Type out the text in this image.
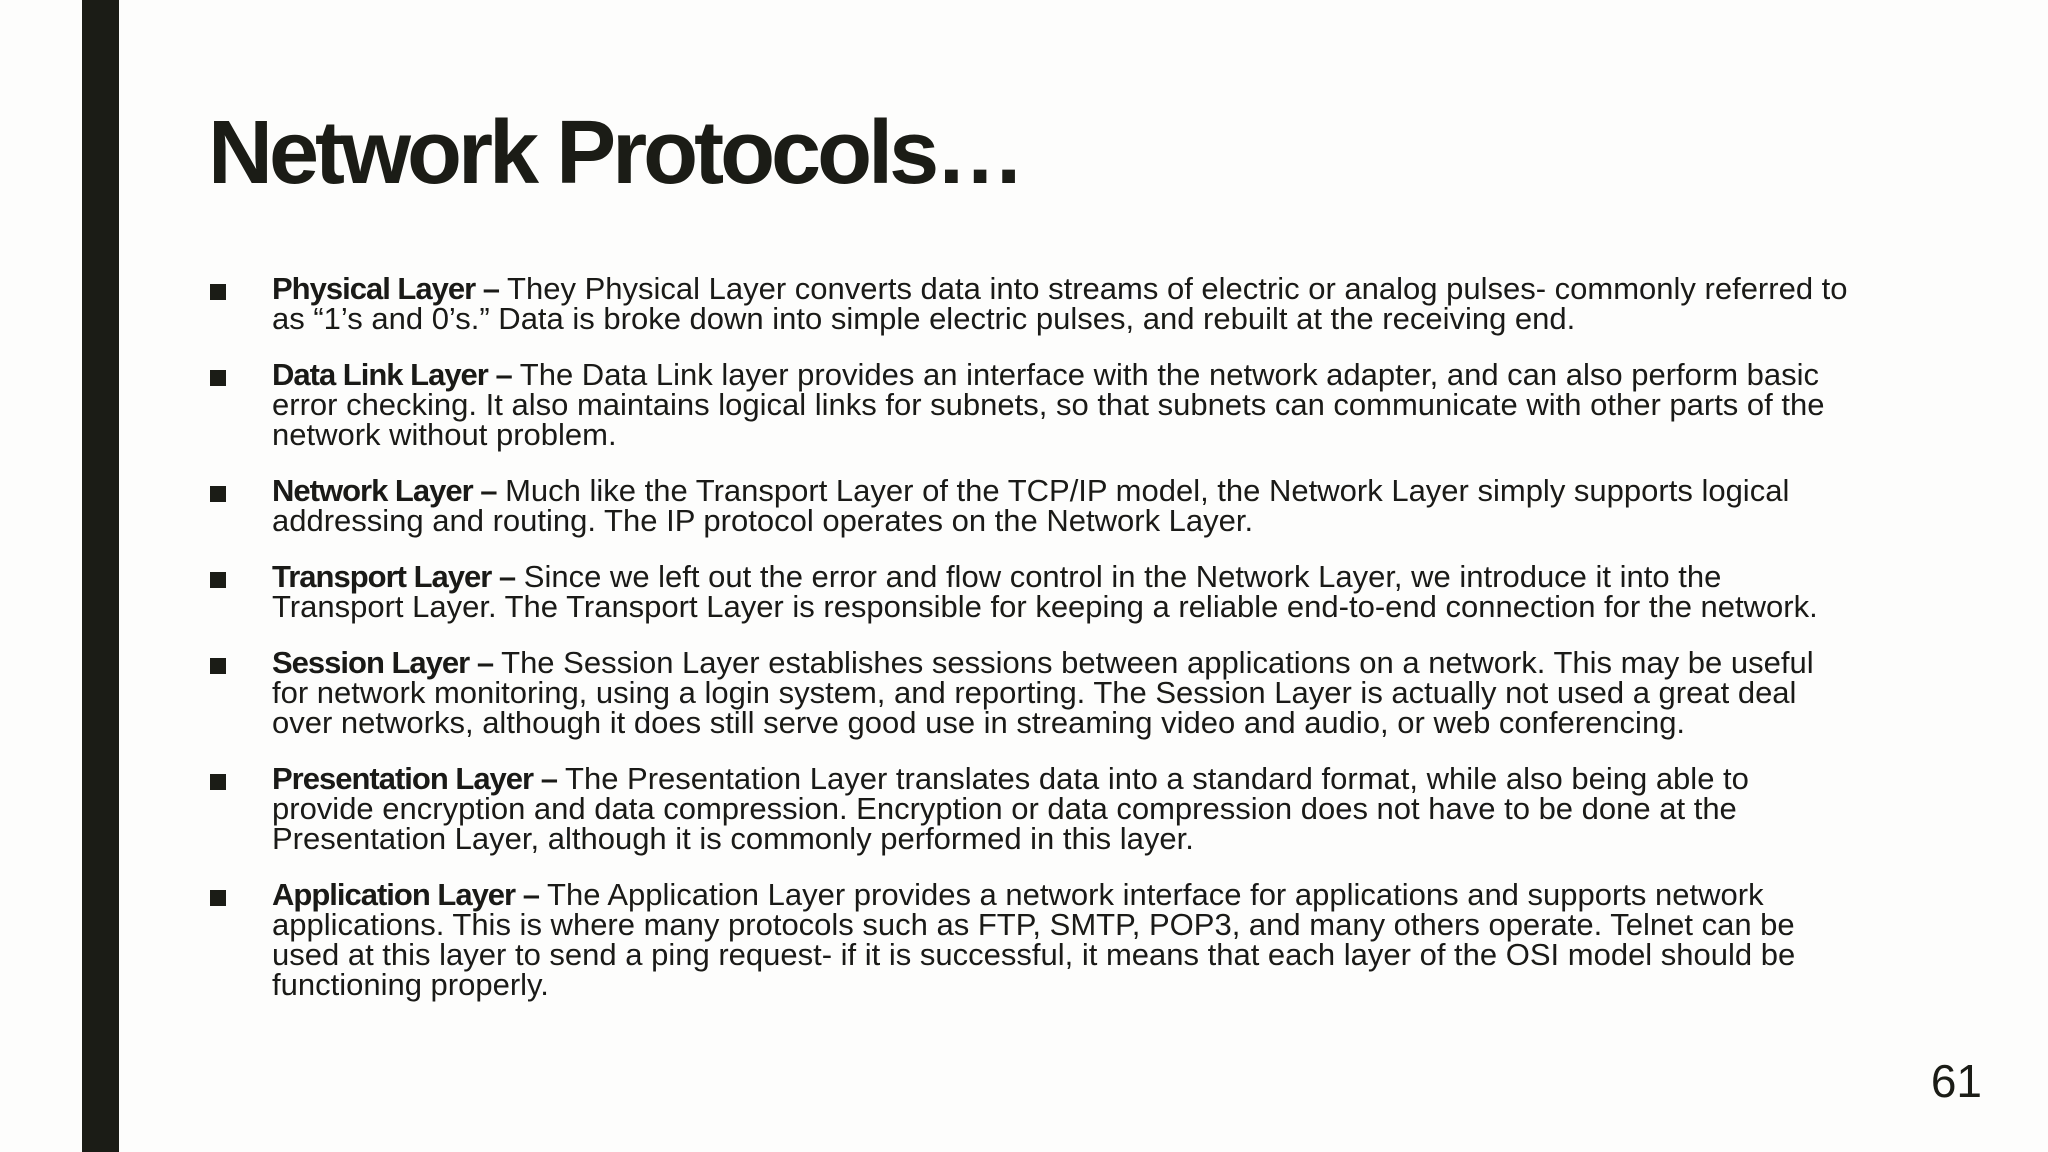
Network Protocols…
Physical Layer – They Physical Layer converts data into streams of electric or analog pulses- commonly referred to as “1’s and 0’s.” Data is broke down into simple electric pulses, and rebuilt at the receiving end.
Data Link Layer – The Data Link layer provides an interface with the network adapter, and can also perform basic error checking. It also maintains logical links for subnets, so that subnets can communicate with other parts of the network without problem.
Network Layer – Much like the Transport Layer of the TCP/IP model, the Network Layer simply supports logical addressing and routing. The IP protocol operates on the Network Layer.
Transport Layer – Since we left out the error and flow control in the Network Layer, we introduce it into the Transport Layer. The Transport Layer is responsible for keeping a reliable end-to-end connection for the network.
Session Layer – The Session Layer establishes sessions between applications on a network. This may be useful for network monitoring, using a login system, and reporting. The Session Layer is actually not used a great deal over networks, although it does still serve good use in streaming video and audio, or web conferencing.
Presentation Layer – The Presentation Layer translates data into a standard format, while also being able to provide encryption and data compression. Encryption or data compression does not have to be done at the Presentation Layer, although it is commonly performed in this layer.
Application Layer – The Application Layer provides a network interface for applications and supports network applications. This is where many protocols such as FTP, SMTP, POP3, and many others operate. Telnet can be used at this layer to send a ping request- if it is successful, it means that each layer of the OSI model should be functioning properly.
61
